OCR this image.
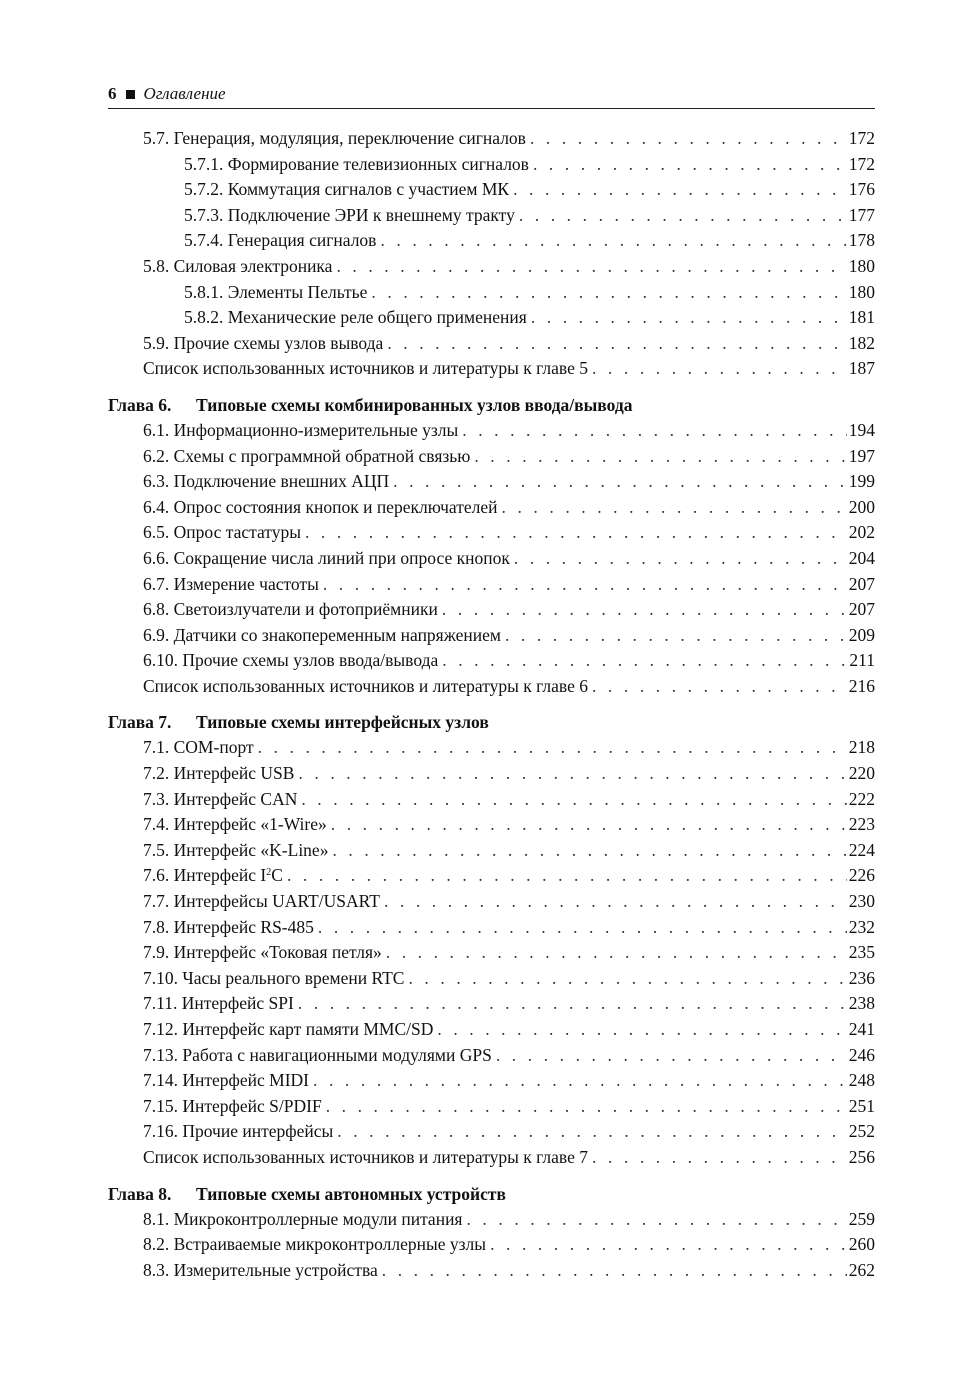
6 Оглавление
5.7. Генерация, модуляция, переключение сигналов . . .	172
5.7.1. Формирование телевизионных сигналов . . .	172
5.7.2. Коммутация сигналов с участием МК . . .	176
5.7.3. Подключение ЭРИ к внешнему тракту . . .	177
5.7.4. Генерация сигналов . . .	178
5.8. Силовая электроника . . .	180
5.8.1. Элементы Пельтье . . .	180
5.8.2. Механические реле общего применения . . .	181
5.9. Прочие схемы узлов вывода . . .	182
Список использованных источников и литературы к главе 5 . . .	187
Глава 6. Типовые схемы комбинированных узлов ввода/вывода
6.1. Информационно-измерительные узлы . . .	194
6.2. Схемы с программной обратной связью . . .	197
6.3. Подключение внешних АЦП . . .	199
6.4. Опрос состояния кнопок и переключателей . . .	200
6.5. Опрос тастатуры . . .	202
6.6. Сокращение числа линий при опросе кнопок . . .	204
6.7. Измерение частоты . . .	207
6.8. Светоизлучатели и фотоприёмники . . .	207
6.9. Датчики со знакопеременным напряжением . . .	209
6.10. Прочие схемы узлов ввода/вывода . . .	211
Список использованных источников и литературы к главе 6 . . .	216
Глава 7. Типовые схемы интерфейсных узлов
7.1. COM-порт . . .	218
7.2. Интерфейс USB . . .	220
7.3. Интерфейс CAN . . .	222
7.4. Интерфейс «1-Wire» . . .	223
7.5. Интерфейс «K-Line» . . .	224
7.6. Интерфейс $I^2C$ . . .	226
7.7. Интерфейсы UART/USART . . .	230
7.8. Интерфейс RS-485 . . .	232
7.9. Интерфейс «Токовая петля» . . .	235
7.10. Часы реального времени RTC . . .	236
7.11. Интерфейс SPI . . .	238
7.12. Интерфейс карт памяти MMC/SD . . .	241
7.13. Работа с навигационными модулями GPS . . .	246
7.14. Интерфейс MIDI . . .	248
7.15. Интерфейс S/PDIF . . .	251
7.16. Прочие интерфейсы . . .	252
Список использованных источников и литературы к главе 7 . . .	256
Глава 8. Типовые схемы автономных устройств
8.1. Микроконтроллерные модули питания . . .	259
8.2. Встраиваемые микроконтроллерные узлы . . .	260
8.3. Измерительные устройства . . .	262
